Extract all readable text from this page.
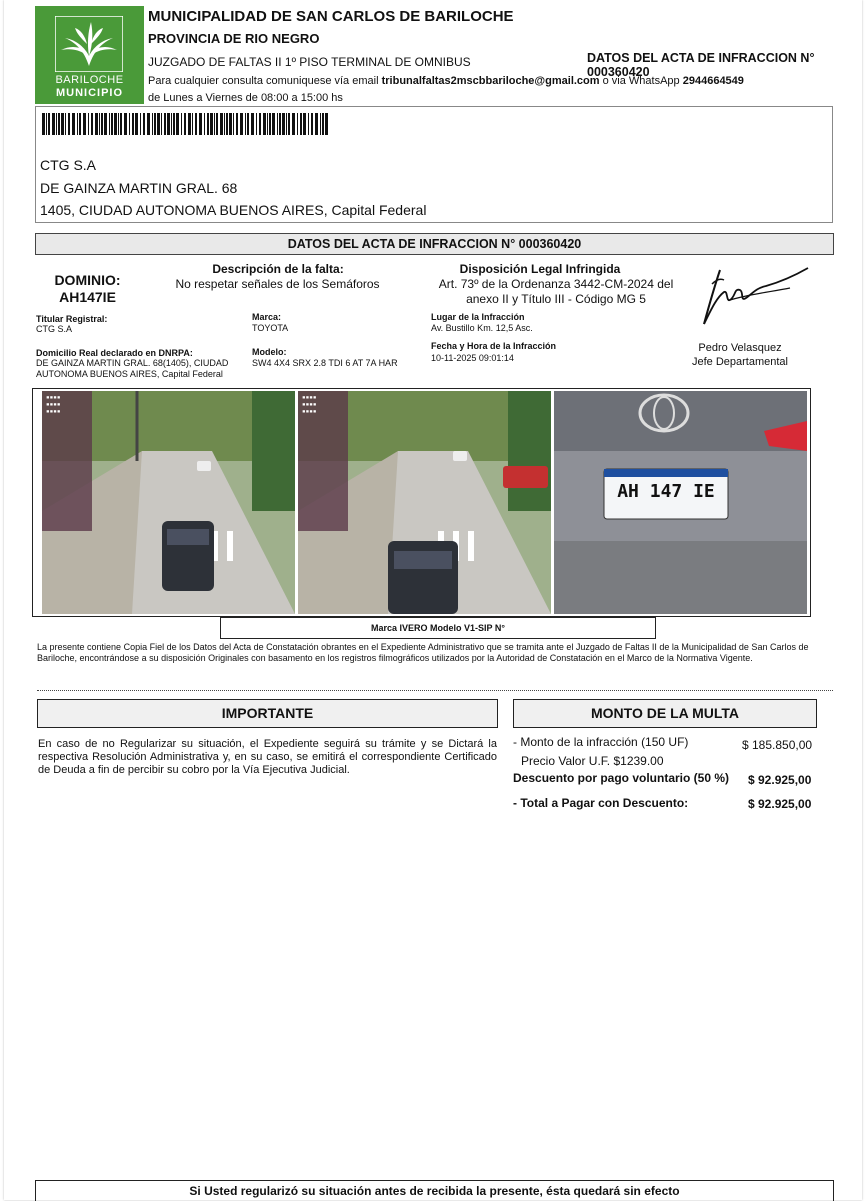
BARILOCHE
MUNICIPIO
MUNICIPALIDAD DE SAN CARLOS DE BARILOCHE
PROVINCIA DE RIO NEGRO
JUZGADO DE FALTAS II 1º PISO TERMINAL DE OMNIBUS
Para cualquier consulta comuniquese vía email tribunalfaltas2mscbbariloche@gmail.com o via WhatsApp 2944664549
de Lunes a Viernes de 08:00 a 15:00 hs
DATOS DEL ACTA DE INFRACCION N° 000360420
CTG S.A
DE GAINZA MARTIN GRAL. 68
1405, CIUDAD AUTONOMA BUENOS AIRES, Capital Federal
DATOS DEL ACTA DE INFRACCION N° 000360420
DOMINIO:
AH147IE
Descripción de la falta:
No respetar señales de los Semáforos
Disposición Legal Infringida
Art. 73º de la Ordenanza 3442-CM-2024 del anexo II y Título III - Código MG 5
Titular Registral:
CTG S.A
Domicilio Real declarado en DNRPA:
DE GAINZA MARTIN GRAL. 68(1405), CIUDAD AUTONOMA BUENOS AIRES, Capital Federal
Marca:
TOYOTA
Modelo:
SW4 4X4 SRX 2.8 TDI 6 AT 7A HAR
Lugar de la Infracción
Av. Bustillo Km. 12,5 Asc.
Fecha y Hora de la Infracción
10-11-2025 09:01:14
Pedro Velasquez
Jefe Departamental
▪▪▪▪
▪▪▪▪
▪▪▪▪
▪▪▪▪
▪▪▪▪
▪▪▪▪
AH 147 IE
Marca IVERO Modelo V1-SIP N°
La presente contiene Copia Fiel de los Datos del Acta de Constatación obrantes en el Expediente Administrativo que se tramita ante el Juzgado de Faltas II de la Municipalidad de San Carlos de Bariloche, encontrándose a su disposición Originales con basamento en los registros filmográficos utilizados por la Autoridad de Constatación en el Marco de la Normativa Vigente.
IMPORTANTE
En caso de no Regularizar su situación, el Expediente seguirá su trámite y se Dictará la respectiva Resolución Administrativa y, en su caso, se emitirá el correspondiente Certificado de Deuda a fin de percibir su cobro por la Vía Ejecutiva Judicial.
MONTO DE LA MULTA
- Monto de la infracción (150 UF)	$ 185.850,00
Precio Valor U.F. $1239.00
Descuento por pago voluntario (50 %) $ 92.925,00
- Total a Pagar con Descuento:	$ 92.925,00
Si Usted regularizó su situación antes de recibida la presente, ésta quedará sin efecto
